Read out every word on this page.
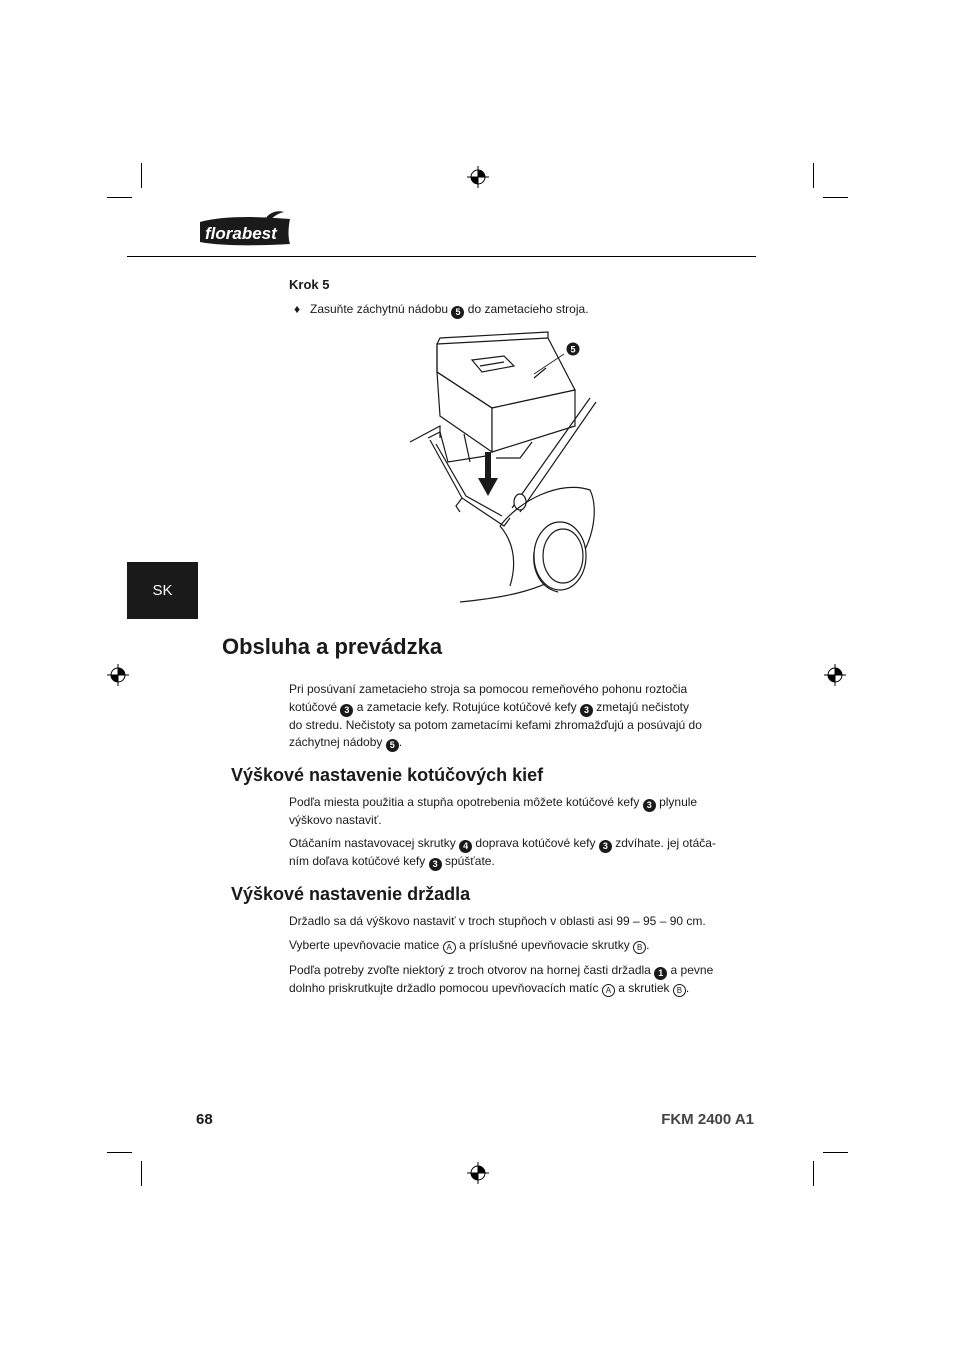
florabest
Krok 5
♦ Zasuňte záchytnú nádobu 5 do zametacieho stroja.
5
SK
Obsluha a prevádzka
Pri posúvaní zametacieho stroja sa pomocou remeňového pohonu roztočia
kotúčové 3 a zametacie kefy. Rotujúce kotúčové kefy 3 zmetajú nečistoty
do stredu. Nečistoty sa potom zametacími kefami zhromažďujú a posúvajú do
záchytnej nádoby 5 .
Výškové nastavenie kotúčových kief
Podľa miesta použitia a stupňa opotrebenia môžete kotúčové kefy 3 plynule
výškovo nastaviť.
Otáčaním nastavovacej skrutky 4 doprava kotúčové kefy 3 zdvíhate. jej otáča-
ním doľava kotúčové kefy 3 spúšťate.
Výškové nastavenie držadla
Držadlo sa dá výškovo nastaviť v troch stupňoch v oblasti asi 99 – 95 – 90 cm.
Vyberte upevňovacie matice A a príslušné upevňovacie skrutky B .
Podľa potreby zvoľte niektorý z troch otvorov na hornej časti držadla 1 a pevne
dolnho priskrutkujte držadlo pomocou upevňovacích matíc A a skrutiek B .
68	FKM 2400 A1
